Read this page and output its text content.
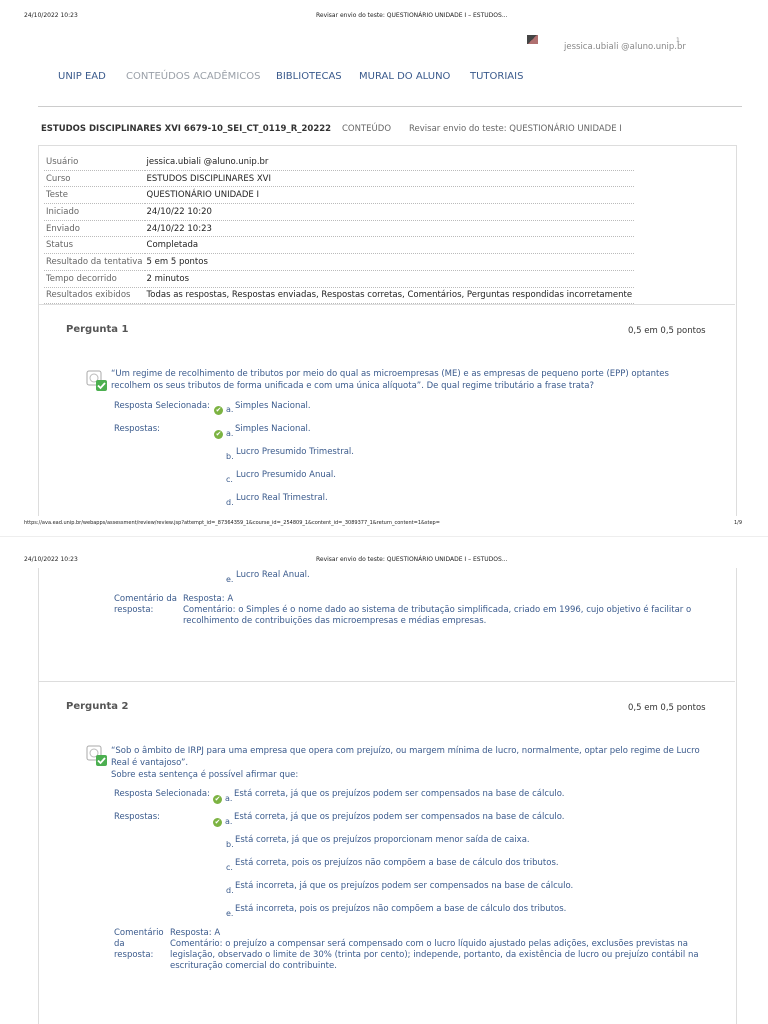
24/10/2022 10:23	Revisar envio do teste: QUESTIONÁRIO UNIDADE I – ESTUDOS...
jessica.ubiali @aluno.unip.br
1
UNIP EAD CONTEÚDOS ACADÊMICOS BIBLIOTECAS MURAL DO ALUNO TUTORIAIS
ESTUDOS DISCIPLINARES XVI 6679-10_SEI_CT_0119_R_20222 CONTEÚDO Revisar envio do teste: QUESTIONÁRIO UNIDADE I
Usuário	jessica.ubiali @aluno.unip.br
Curso	ESTUDOS DISCIPLINARES XVI
Teste	QUESTIONÁRIO UNIDADE I
Iniciado	24/10/22 10:20
Enviado	24/10/22 10:23
Status	Completada
Resultado da tentativa	5 em 5 pontos
Tempo decorrido	2 minutos
Resultados exibidos	Todas as respostas, Respostas enviadas, Respostas corretas, Comentários, Perguntas respondidas incorretamente
Pergunta 1	0,5 em 0,5 pontos
“Um regime de recolhimento de tributos por meio do qual as microempresas (ME) e as empresas de pequeno porte (EPP) optantes
recolhem os seus tributos de forma unificada e com uma única alíquota”. De qual regime tributário a frase trata?
Resposta Selecionada: ✔ a. Simples Nacional.
Respostas:	✔ a. Simples Nacional.
b. Lucro Presumido Trimestral.
c. Lucro Presumido Anual.
d. Lucro Real Trimestral.
https://ava.ead.unip.br/webapps/assessment/review/review.jsp?attempt_id=_87364359_1&course_id=_254809_1&content_id=_3089377_1&return_content=1&step=	1/9
24/10/2022 10:23	Revisar envio do teste: QUESTIONÁRIO UNIDADE I – ESTUDOS...
e. Lucro Real Anual.
Comentário da
resposta:
Resposta: A
Comentário: o Simples é o nome dado ao sistema de tributação simplificada, criado em 1996, cujo objetivo é facilitar o
recolhimento de contribuições das microempresas e médias empresas.
Pergunta 2	0,5 em 0,5 pontos
“Sob o âmbito de IRPJ para uma empresa que opera com prejuízo, ou margem mínima de lucro, normalmente, optar pelo regime de Lucro
Real é vantajoso”.
Sobre esta sentença é possível afirmar que:
Resposta Selecionada: ✔ a. Está correta, já que os prejuízos podem ser compensados na base de cálculo.
Respostas:	✔ a. Está correta, já que os prejuízos podem ser compensados na base de cálculo.
b. Está correta, já que os prejuízos proporcionam menor saída de caixa.
c. Está correta, pois os prejuízos não compõem a base de cálculo dos tributos.
d. Está incorreta, já que os prejuízos podem ser compensados na base de cálculo.
e. Está incorreta, pois os prejuízos não compõem a base de cálculo dos tributos.
Comentário
da
resposta:
Resposta: A
Comentário: o prejuízo a compensar será compensado com o lucro líquido ajustado pelas adições, exclusões previstas na
legislação, observado o limite de 30% (trinta por cento); independe, portanto, da existência de lucro ou prejuízo contábil na
escrituração comercial do contribuinte.
